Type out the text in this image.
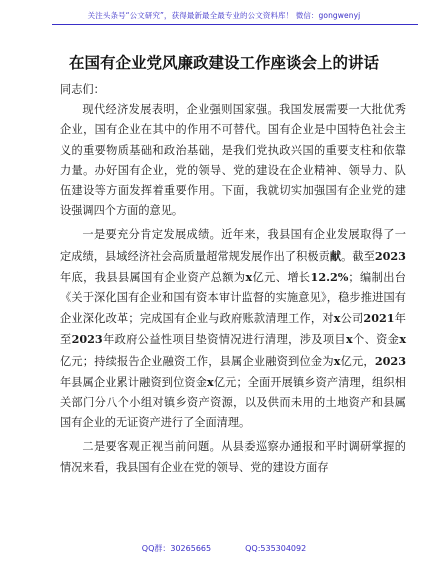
关注头条号“公文研究”，获得最新最全最专业的公文资料库！ 微信：gongwenyj
在国有企业党风廉政建设工作座谈会上的讲话

同志们：

现代经济发展表明，企业强则国家强。我国发展需要一大批优秀企业，国有企业在其中的作用不可替代。国有企业是中国特色社会主义的重要物质基础和政治基础，是我们党执政兴国的重要支柱和依靠力量。办好国有企业，党的领导、党的建设在企业精神、领导力、队伍建设等方面发挥着重要作用。下面，我就切实加强国有企业党的建设强调四个方面的意见。

一是要充分肯定发展成绩。近年来，我县国有企业发展取得了一定成绩，县域经济社会高质量超常规发展作出了积极贡献。截至2023年底，我县县属国有企业资产总额为x亿元、增长12.2%；编制出台《关于深化国有企业和国有资本审计监督的实施意见》，稳步推进国有企业深化改革；完成国有企业与政府账款清理工作，对x公司2021年至2023年政府公益性项目垫资情况进行清理，涉及项目x个、资金x亿元；持续报告企业融资工作，县属企业融资到位金为x亿元，2023年县属企业累计融资到位资金x亿元；全面开展镇乡资产清理，组织相关部门分八个小组对镇乡资产资源，以及供而未用的土地资产和县属国有企业的无证资产进行了全面清理。

二是要客观正视当前问题。从县委巡察办通报和平时调研掌握的情况来看，我县国有企业在党的领导、党的建设方面存

QQ群：30265665	QQ:535304092
